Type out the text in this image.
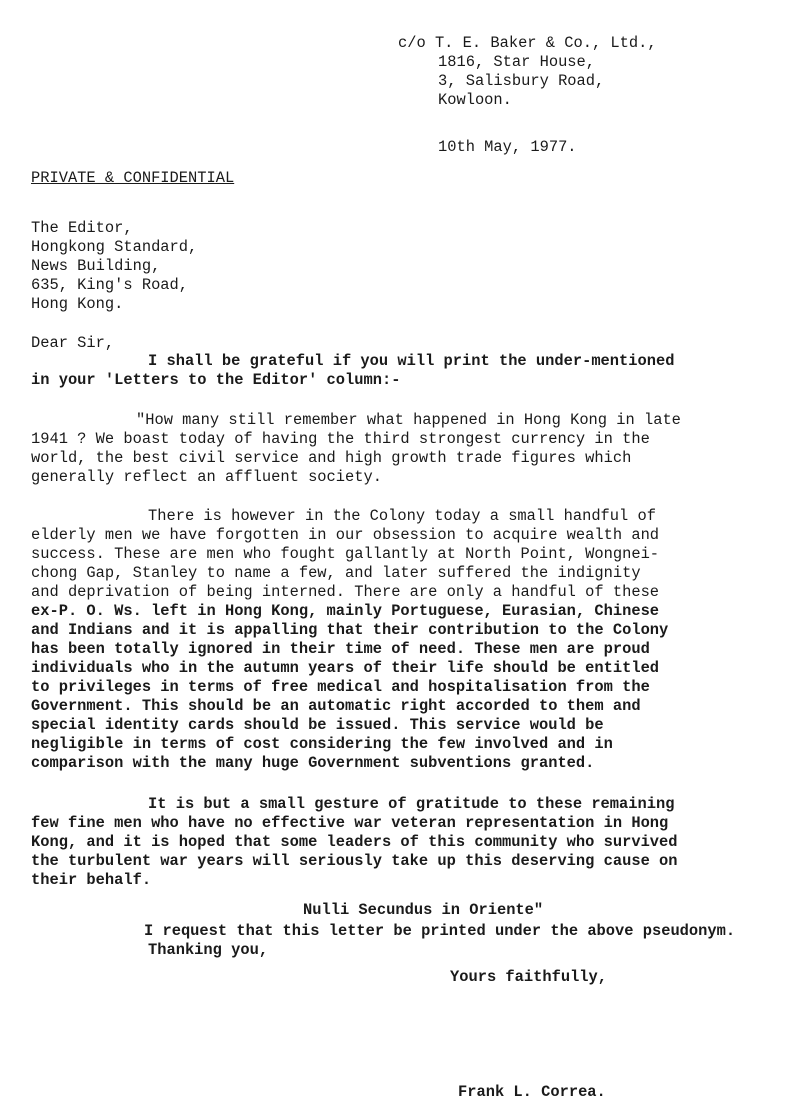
c/o T. E. Baker & Co., Ltd.,
1816, Star House,
3, Salisbury Road,
Kowloon.
10th May, 1977.
PRIVATE & CONFIDENTIAL
The Editor,
Hongkong Standard,
News Building,
635, King's Road,
Hong Kong.
Dear Sir,
I shall be grateful if you will print the under-mentioned
in your 'Letters to the Editor' column:-
"How many still remember what happened in Hong Kong in late
1941 ? We boast today of having the third strongest currency in the
world, the best civil service and high growth trade figures which
generally reflect an affluent society.
There is however in the Colony today a small handful of
elderly men we have forgotten in our obsession to acquire wealth and
success. These are men who fought gallantly at North Point, Wongnei-
chong Gap, Stanley to name a few, and later suffered the indignity
and deprivation of being interned. There are only a handful of these
ex-P. O. Ws. left in Hong Kong, mainly Portuguese, Eurasian, Chinese
and Indians and it is appalling that their contribution to the Colony
has been totally ignored in their time of need. These men are proud
individuals who in the autumn years of their life should be entitled
to privileges in terms of free medical and hospitalisation from the
Government. This should be an automatic right accorded to them and
special identity cards should be issued. This service would be
negligible in terms of cost considering the few involved and in
comparison with the many huge Government subventions granted.
It is but a small gesture of gratitude to these remaining
few fine men who have no effective war veteran representation in Hong
Kong, and it is hoped that some leaders of this community who survived
the turbulent war years will seriously take up this deserving cause on
their behalf.
Nulli Secundus in Oriente"
I request that this letter be printed under the above pseudonym.
Thanking you,
Yours faithfully,
Frank L. Correa.
